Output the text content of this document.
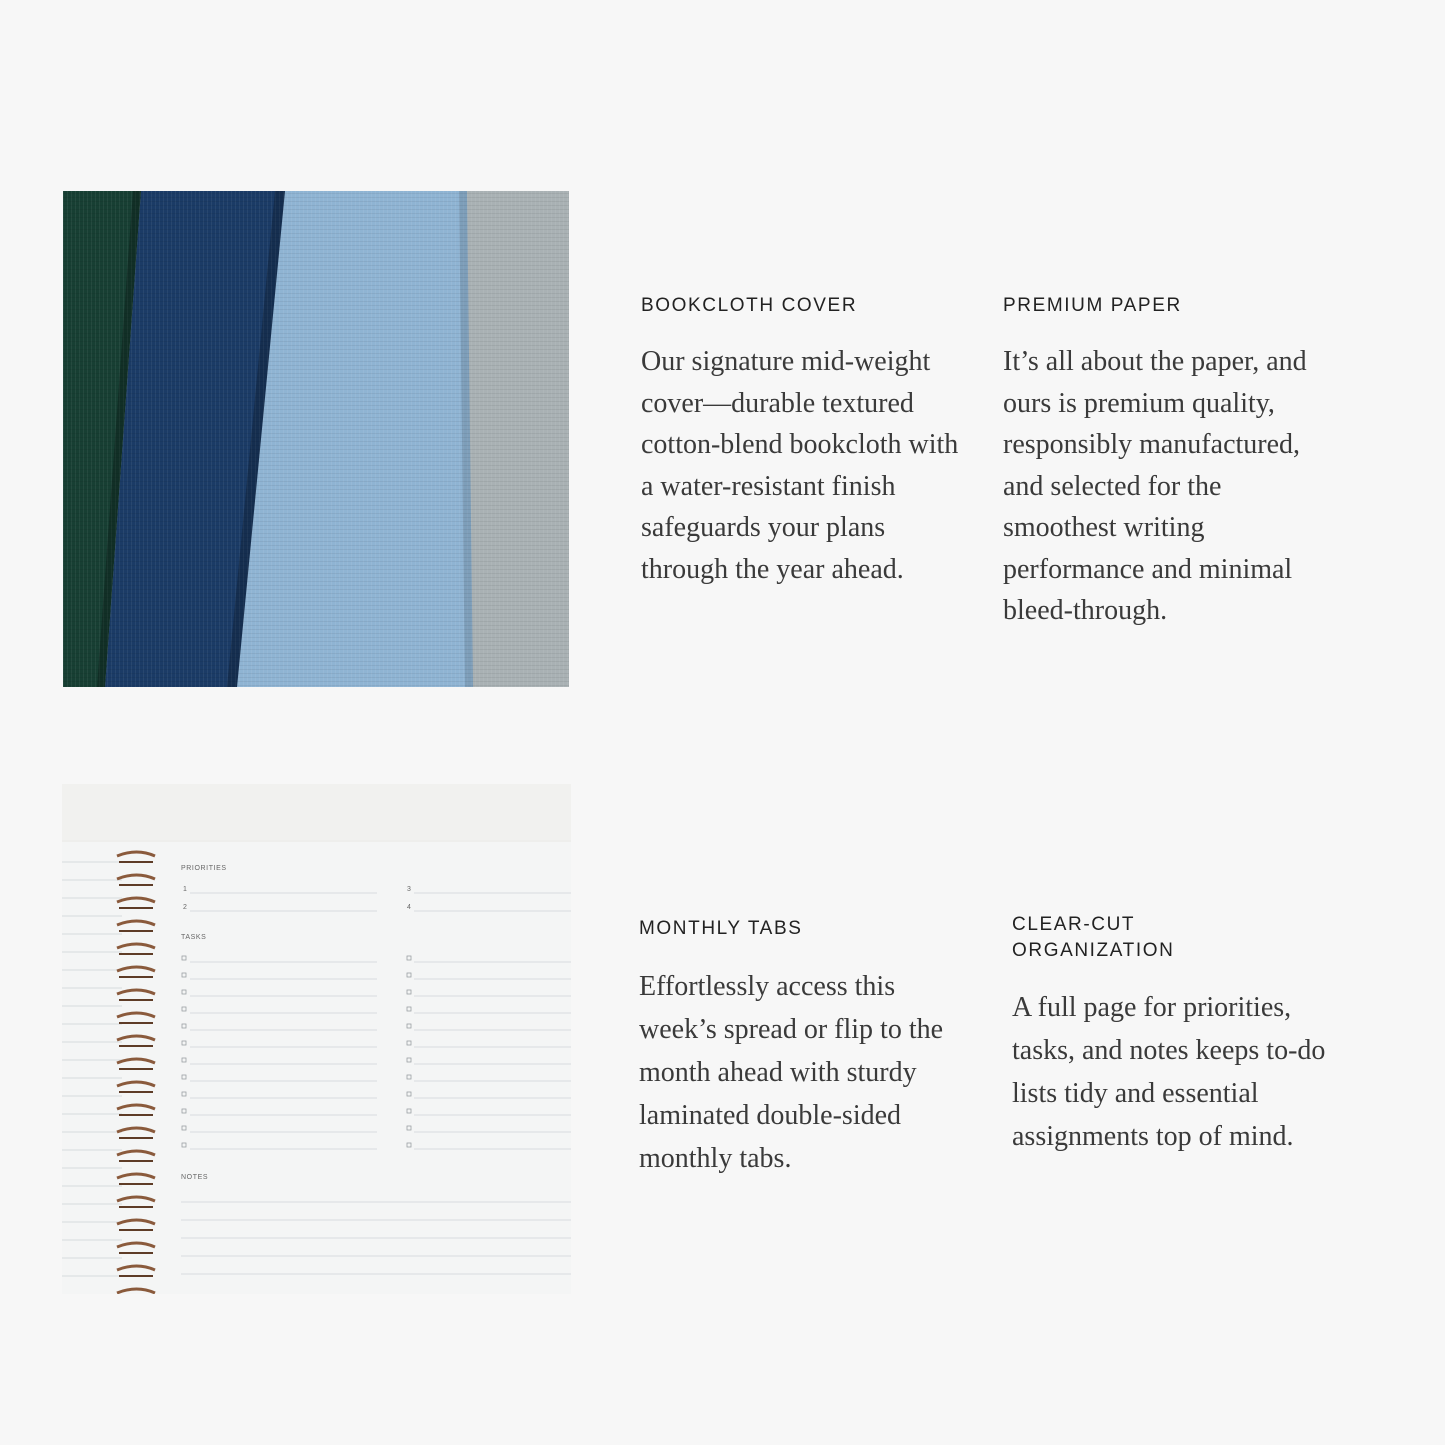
BOOKCLOTH COVER

Our signature mid-weight cover—durable textured cotton-blend bookcloth with a water-resistant finish safeguards your plans through the year ahead.

PREMIUM PAPER

It’s all about the paper, and ours is premium quality, responsibly manufactured, and selected for the smoothest writing performance and minimal bleed-through.

PRIORITIES
1
2
3
4
TASKS
NOTES
MONTHLY TABS

Effortlessly access this week’s spread or flip to the month ahead with sturdy laminated double-sided monthly tabs.

CLEAR-CUT ORGANIZATION

A full page for priorities, tasks, and notes keeps to-do lists tidy and essential assignments top of mind.
